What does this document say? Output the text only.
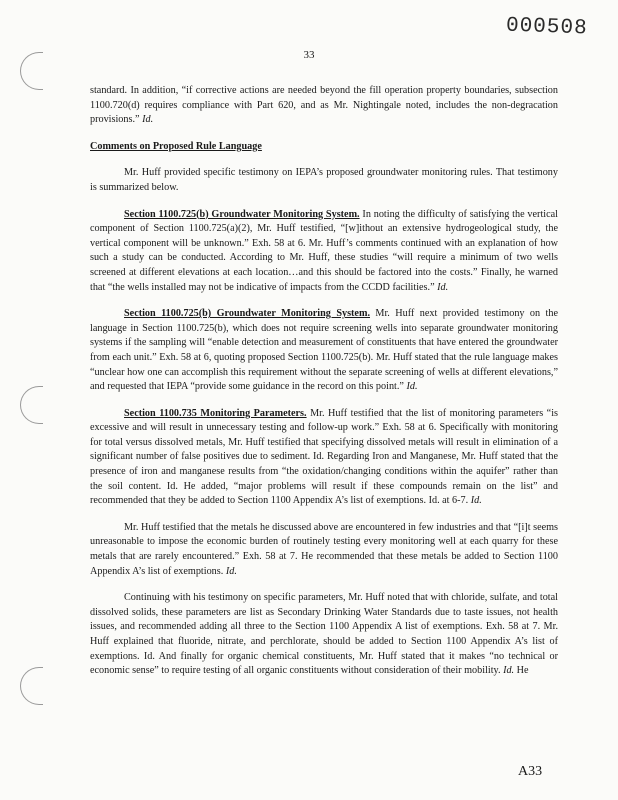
000508
33

standard. In addition, “if corrective actions are needed beyond the fill operation property boundaries, subsection 1100.720(d) requires compliance with Part 620, and as Mr. Nightingale noted, includes the non-degracation provisions.” Id.

Comments on Proposed Rule Language

Mr. Huff provided specific testimony on IEPA’s proposed groundwater monitoring rules. That testimony is summarized below.

Section 1100.725(b) Groundwater Monitoring System. In noting the difficulty of satisfying the vertical component of Section 1100.725(a)(2), Mr. Huff testified, “[w]ithout an extensive hydrogeological study, the vertical component will be unknown.” Exh. 58 at 6. Mr. Huff’s comments continued with an explanation of how such a study can be conducted. According to Mr. Huff, these studies “will require a minimum of two wells screened at different elevations at each location…and this should be factored into the costs.” Finally, he warned that “the wells installed may not be indicative of impacts from the CCDD facilities.” Id.

Section 1100.725(b) Groundwater Monitoring System. Mr. Huff next provided testimony on the language in Section 1100.725(b), which does not require screening wells into separate groundwater monitoring systems if the sampling will “enable detection and measurement of constituents that have entered the groundwater from each unit.” Exh. 58 at 6, quoting proposed Section 1100.725(b). Mr. Huff stated that the rule language makes “unclear how one can accomplish this requirement without the separate screening of wells at different elevations,” and requested that IEPA “provide some guidance in the record on this point.” Id.

Section 1100.735 Monitoring Parameters. Mr. Huff testified that the list of monitoring parameters “is excessive and will result in unnecessary testing and follow-up work.” Exh. 58 at 6. Specifically with monitoring for total versus dissolved metals, Mr. Huff testified that specifying dissolved metals will result in elimination of a significant number of false positives due to sediment. Id. Regarding Iron and Manganese, Mr. Huff stated that the presence of iron and manganese results from “the oxidation/changing conditions within the aquifer” rather than the soil content. Id. He added, “major problems will result if these compounds remain on the list” and recommended that they be added to Section 1100 Appendix A’s list of exemptions. Id. at 6-7. Id.

Mr. Huff testified that the metals he discussed above are encountered in few industries and that “[i]t seems unreasonable to impose the economic burden of routinely testing every monitoring well at each quarry for these metals that are rarely encountered.” Exh. 58 at 7. He recommended that these metals be added to Section 1100 Appendix A’s list of exemptions. Id.

Continuing with his testimony on specific parameters, Mr. Huff noted that with chloride, sulfate, and total dissolved solids, these parameters are list as Secondary Drinking Water Standards due to taste issues, not health issues, and recommended adding all three to the Section 1100 Appendix A list of exemptions. Exh. 58 at 7. Mr. Huff explained that fluoride, nitrate, and perchlorate, should be added to Section 1100 Appendix A’s list of exemptions. Id. And finally for organic chemical constituents, Mr. Huff stated that it makes “no technical or economic sense” to require testing of all organic constituents without consideration of their mobility. Id. He

A33
